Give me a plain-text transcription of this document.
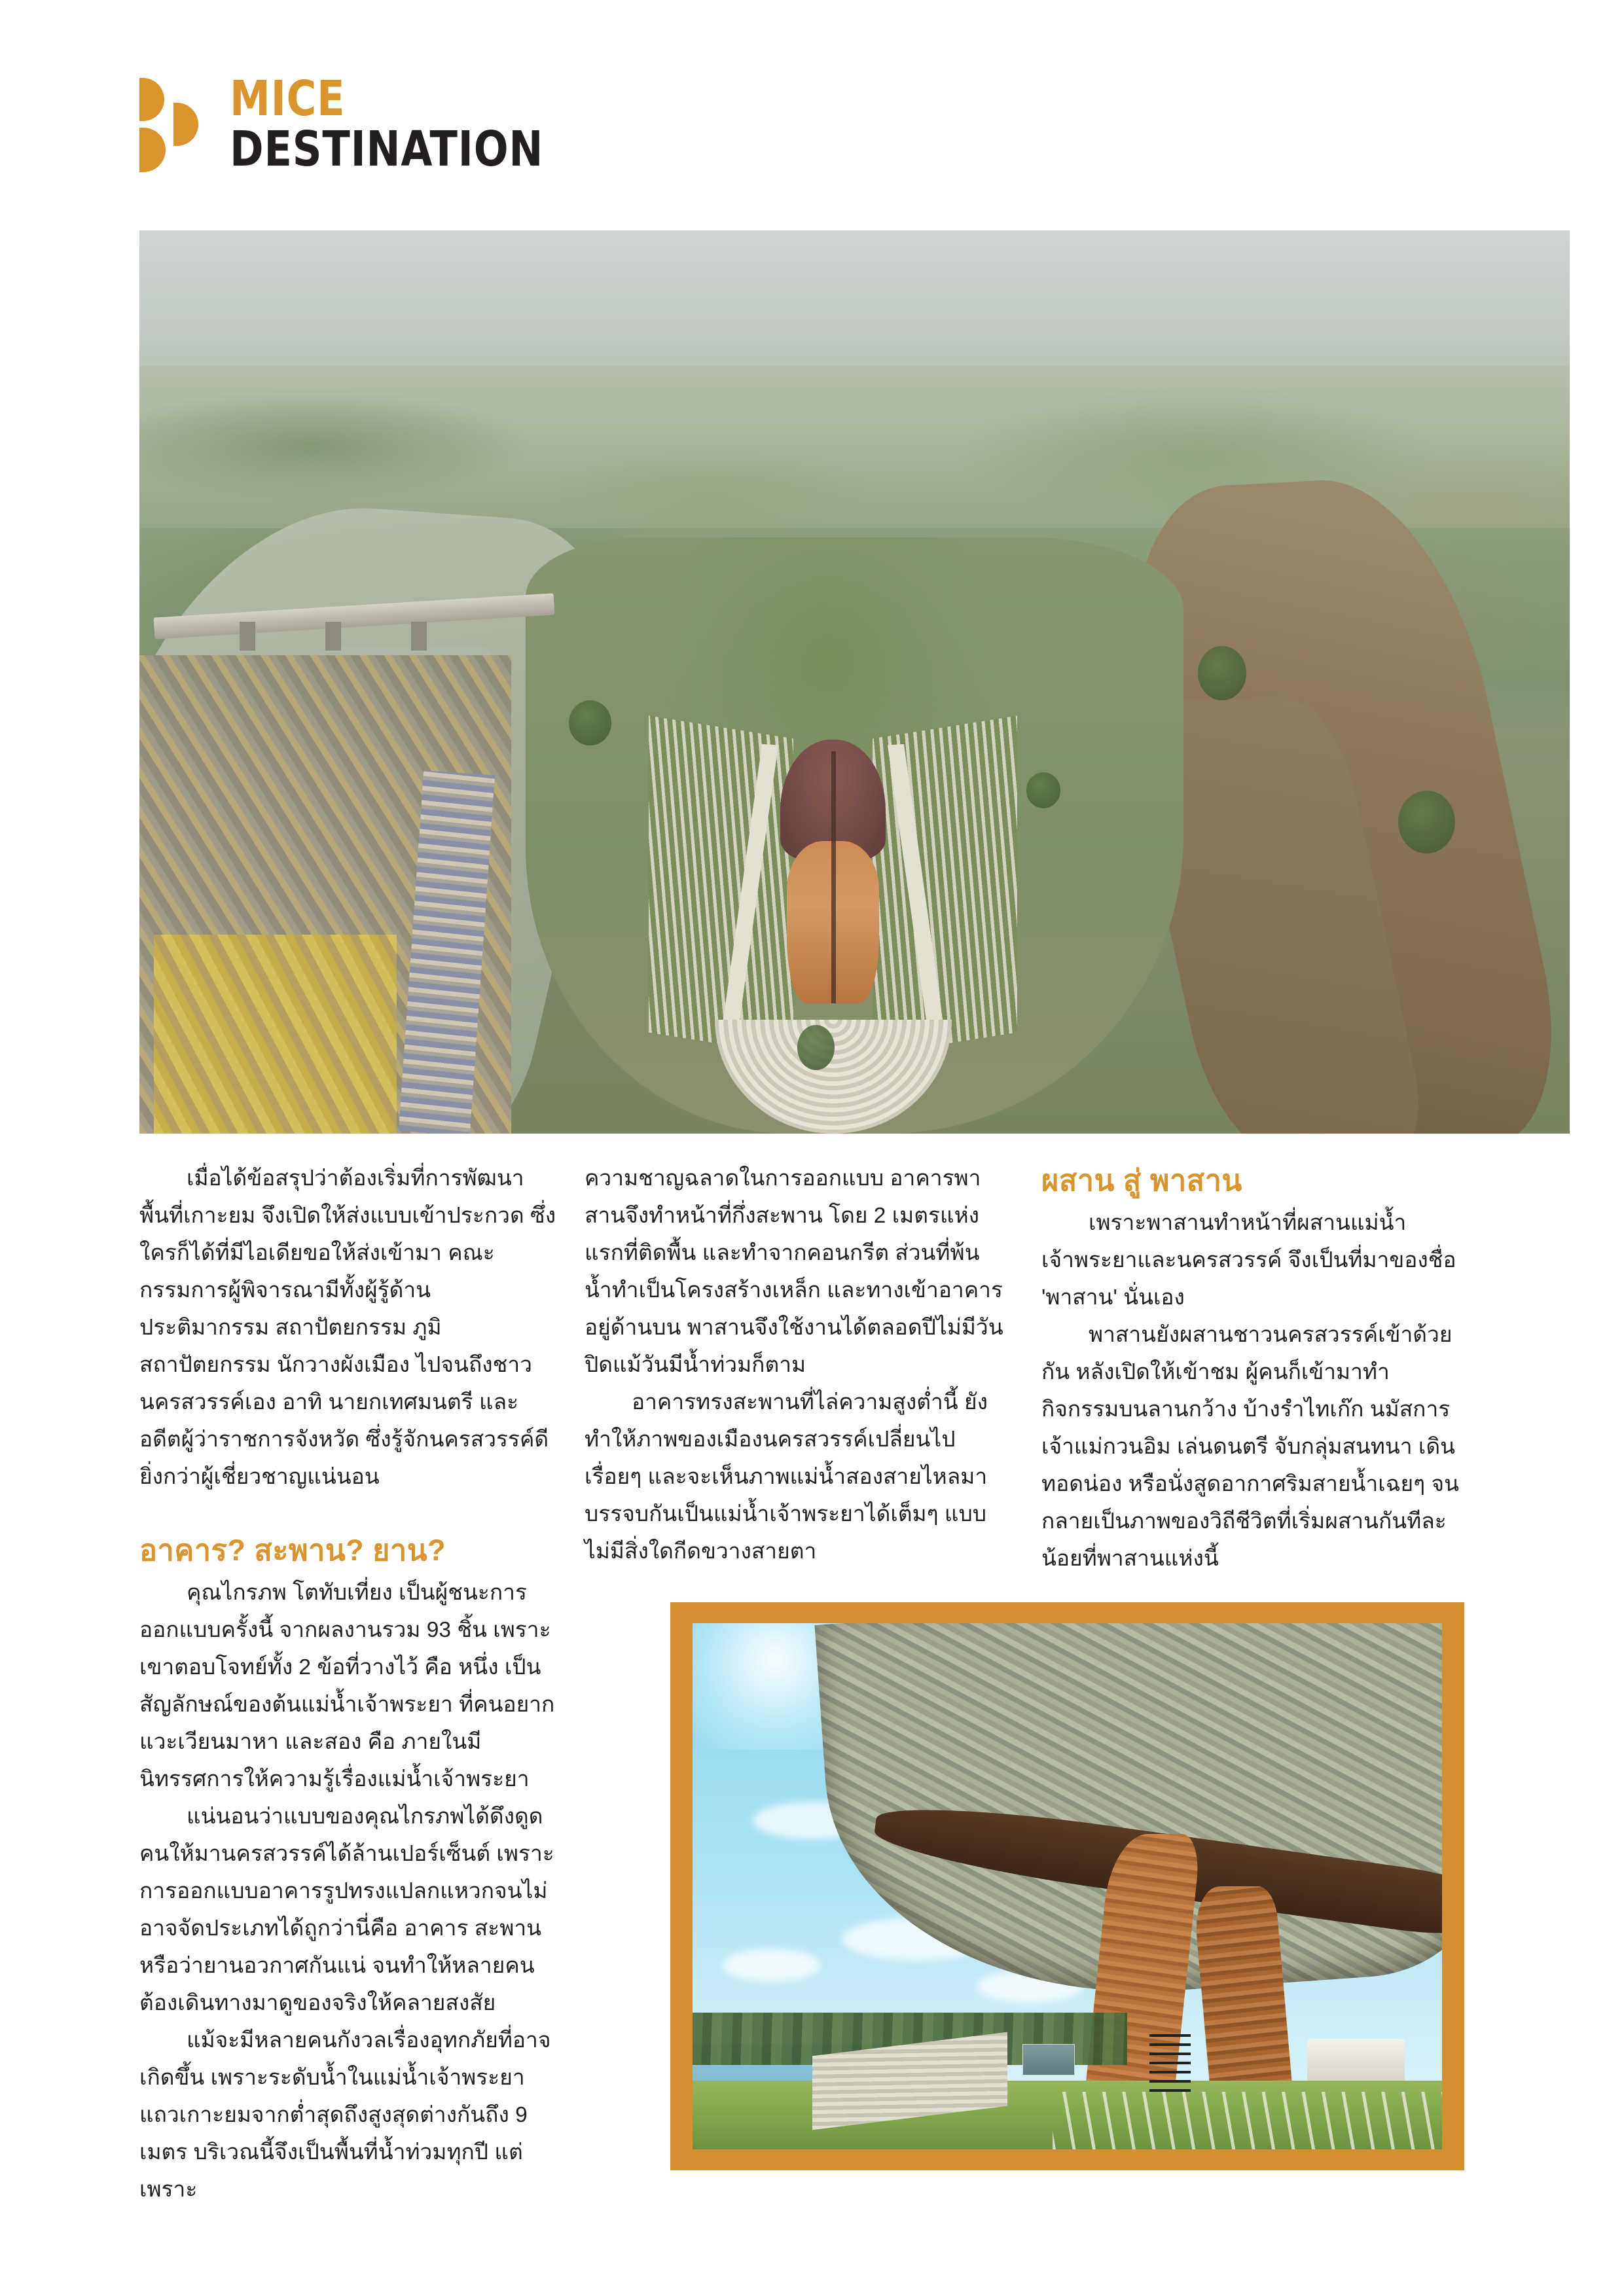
MICE
DESTINATION

เมื่อได้ข้อสรุปว่าต้องเริ่มที่การพัฒนาพื้นที่เกาะยม จึงเปิดให้ส่งแบบเข้าประกวด ซึ่งใครก็ได้ที่มีไอเดียขอให้ส่งเข้ามา คณะกรรมการผู้พิจารณามีทั้งผู้รู้ด้านประติมากรรม สถาปัตยกรรม ภูมิสถาปัตยกรรม นักวางผังเมือง ไปจนถึงชาวนครสวรรค์เอง อาทิ นายกเทศมนตรี และอดีตผู้ว่าราชการจังหวัด ซึ่งรู้จักนครสวรรค์ดียิ่งกว่าผู้เชี่ยวชาญแน่นอน

อาคาร? สะพาน? ยาน?

คุณไกรภพ โตทับเที่ยง เป็นผู้ชนะการออกแบบครั้งนี้ จากผลงานรวม 93 ชิ้น เพราะเขาตอบโจทย์ทั้ง 2 ข้อที่วางไว้ คือ หนึ่ง เป็นสัญลักษณ์ของต้นแม่น้ำเจ้าพระยา ที่คนอยากแวะเวียนมาหา และสอง คือ ภายในมีนิทรรศการให้ความรู้เรื่องแม่น้ำเจ้าพระยา

แน่นอนว่าแบบของคุณไกรภพได้ดึงดูดคนให้มานครสวรรค์ได้ล้านเปอร์เซ็นต์ เพราะการออกแบบอาคารรูปทรงแปลกแหวกจนไม่อาจจัดประเภทได้ถูกว่านี่คือ อาคาร สะพานหรือว่ายานอวกาศกันแน่ จนทำให้หลายคนต้องเดินทางมาดูของจริงให้คลายสงสัย

แม้จะมีหลายคนกังวลเรื่องอุทกภัยที่อาจเกิดขึ้น เพราะระดับน้ำในแม่น้ำเจ้าพระยาแถวเกาะยมจากต่ำสุดถึงสูงสุดต่างกันถึง 9 เมตร บริเวณนี้จึงเป็นพื้นที่น้ำท่วมทุกปี แต่เพราะ

ความชาญฉลาดในการออกแบบ อาคารพาสานจึงทำหน้าที่กึ่งสะพาน โดย 2 เมตรแห่งแรกที่ติดพื้น และทำจากคอนกรีต ส่วนที่พ้นน้ำทำเป็นโครงสร้างเหล็ก และทางเข้าอาคารอยู่ด้านบน พาสานจึงใช้งานได้ตลอดปีไม่มีวันปิดแม้วันมีน้ำท่วมก็ตาม

อาคารทรงสะพานที่ไล่ความสูงต่ำนี้ ยังทำให้ภาพของเมืองนครสวรรค์เปลี่ยนไปเรื่อยๆ และจะเห็นภาพแม่น้ำสองสายไหลมาบรรจบกันเป็นแม่น้ำเจ้าพระยาได้เต็มๆ แบบไม่มีสิ่งใดกีดขวางสายตา

ผสาน สู่ พาสาน

เพราะพาสานทำหน้าที่ผสานแม่น้ำเจ้าพระยาและนครสวรรค์ จึงเป็นที่มาของชื่อ 'พาสาน' นั่นเอง

พาสานยังผสานชาวนครสวรรค์เข้าด้วยกัน หลังเปิดให้เข้าชม ผู้คนก็เข้ามาทำกิจกรรมบนลานกว้าง บ้างรำไทเก๊ก นมัสการเจ้าแม่กวนอิม เล่นดนตรี จับกลุ่มสนทนา เดินทอดน่อง หรือนั่งสูดอากาศริมสายน้ำเฉยๆ จนกลายเป็นภาพของวิถีชีวิตที่เริ่มผสานกันทีละน้อยที่พาสานแห่งนี้
